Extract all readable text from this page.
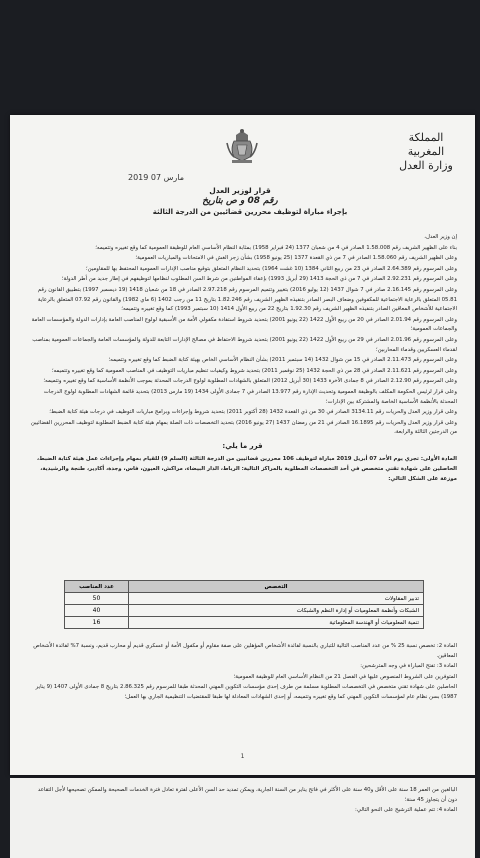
المملكة المغربية
وزارة العدل
2019 مارس 07
قرار لوزير العدل
رقم 08 و ص بتاريخ
بإجراء مباراة لتوظيف محررين قضائيين من الدرجة الثالثة

إن وزير العدل،

بناء على الظهير الشريف رقم 1.58.008 الصادر في 4 من شعبان 1377 (24 فبراير 1958) بمثابة النظام الأساسي العام للوظيفة العمومية كما وقع تغييره وتتميمه؛

وعلى الظهير الشريف رقم 1.58.060 الصادر في 7 من ذي القعدة 1377 (25 يونيو 1958) بشأن زجر الغش في الامتحانات والمباريات العمومية؛

وعلى المرسوم رقم 2.64.389 الصادر في 23 من ربيع الثاني 1384 (10 غشت 1964) بتحديد النظام المتعلق بتوقيع مناصب الإدارات العمومية المحتفظ بها للمقاومين؛

وعلى المرسوم رقم 2.92.231 الصادر في 7 من ذي الحجة 1413 (29 أبريل 1993) بإعفاء المواطنين من شرط السن المطلوب لنظامها لتوظيفهم في إطار جديد من أطر الدولة؛

وعلى المرسوم رقم 2.16.145 صادر في 7 شوال 1437 (12 يوليو 2016) بتغيير وتتميم المرسوم رقم 2.97.218 الصادر في 18 من شعبان 1418 (19 ديسمبر 1997) بتطبيق القانون رقم 05.81 المتعلق بالرعاية الاجتماعية للمكفوفين وضعاف البصر الصادر بتنفيذه الظهير الشريف رقم 1.82.246 بتاريخ 11 من رجب 1402 (6 ماي 1982) والقانون رقم 07.92 المتعلق بالرعاية الاجتماعية للأشخاص المعاقين الصادر بتنفيذه الظهير الشريف رقم 1.92.30 بتاريخ 22 من ربيع الأول 1414 (10 سبتمبر 1993) كما وقع تغييره وتتميمه؛

وعلى المرسوم رقم 2.01.94 الصادر في 20 من ربيع الأول 1422 (22 يونيو 2001) بتحديد شروط استفادة مكفولي الأمة من الأسبقية لولوج المناصب العامة بإدارات الدولة والمؤسسات العامة والجماعات العمومية؛

وعلى المرسوم رقم 2.01.96 الصادر في 29 من ربيع الأول 1422 (22 يونيو 2001) بتحديد شروط الاحتفاظ في مصالح الإدارات التابعة للدولة والمؤسسات العامة والجماعات العمومية بمناصب لقدماء العسكريين وقدماء المحاربين؛

وعلى المرسوم رقم 2.11.473 الصادر في 15 من شوال 1432 (14 سبتمبر 2011) بشأن النظام الأساسي الخاص بهيئة كتابة الضبط كما وقع تغييره وتتميمه؛

وعلى المرسوم رقم 2.11.621 الصادر في 28 من ذي الحجة 1432 (25 نوفمبر 2011) بتحديد شروط وكيفيات تنظيم مباريات التوظيف في المناصب العمومية كما وقع تغييره وتتميمه؛

وعلى المرسوم رقم 2.12.90 الصادر في 8 جمادى الآخرة 1433 (30 أبريل 2012) المتعلق بالشهادات المطلوبة لولوج الدرجات المحدثة بموجب الأنظمة الأساسية كما وقع تغييره وتتميمه؛

وعلى قرار لرئيس الحكومة المكلف بالوظيفة العمومية وتحديث الإدارة رقم 13.977 الصادر في 7 جمادى الأولى 1434 (19 مارس 2013) بتحديد قائمة الشهادات المطلوبة لولوج الدرجات المحدثة بالأنظمة الأساسية الخاصة والمشتركة بين الإدارات؛

وعلى قرار وزير العدل والحريات رقم 3134.11 الصادر في 30 من ذي القعدة 1432 (28 أكتوبر 2011) بتحديد شروط وإجراءات وبرامج مباريات التوظيف في درجات هيئة كتابة الضبط؛

وعلى قرار وزير العدل والحريات رقم 16.1895 الصادر في 21 من رمضان 1437 (27 يونيو 2016) بتحديد التخصصات ذات الصلة بمهام هيئة كتابة الضبط المطلوبة لتوظيف المحررين القضائيين من الدرجتين الثالثة والرابعة،

قرر ما يلي:

المادة الأولى: تجري يوم الأحد 07 أبريل 2019 مباراة لتوظيف 106 محررين قضائيين من الدرجة الثالثة (السلم 9) للقيام بمهام وإجراءات عمل هيئة كتابة الضبط، الحاصلين على شهادة تقني متخصص في أحد التخصصات المطلوبة بالمراكز التالية: الرباط، الدار البيضاء، مراكش، العيون، فاس، وجدة، أكادير، طنجة والرشيدية، موزعة على الشكل التالي:

التخصص	عدد المناصب
تدبير المقاولات	50
الشبكات وأنظمة المعلوميات أو إدارة النظم والشبكات	40
تنمية المعلوميات أو الهندسة المعلوماتية	16

المادة 2: تخصص نسبة 25 % من عدد المناصب التالية للتباري بالنسبة لفائدة الأشخاص المؤهلين على صفة مقاوم أو مكفول الأمة أو عسكري قديم أو محارب قديم، ونسبة 7% لفائدة الأشخاص المعاقين.

المادة 3: تفتح المباراة في وجه المترشحين:

المتوفرين على الشروط المنصوص عليها في الفصل 21 من النظام الأساسي العام للوظيفة العمومية؛

الحاصلين على شهادة تقني متخصص في التخصصات المطلوبة مسلمة من طرف إحدى مؤسسات التكوين المهني المحدثة طبقا للمرسوم رقم 2.86.325 بتاريخ 8 جمادى الأولى 1407 (9 يناير 1987) بسن نظام عام لمؤسسات التكوين المهني كما وقع تغييره وتتميمه، أو إحدى الشهادات المعادلة لها طبقا للمقتضيات التنظيمية الجاري بها العمل؛

1

البالغين من العمر 18 سنة على الأقل و40 سنة على الأكثر في فاتح يناير من السنة الجارية، ويمكن تمديد حد السن الأعلى لفترة تعادل فترة الخدمات الصحيحة والممكن تصحيحها لأجل التقاعد دون أن يتجاوز 45 سنة؛

المادة 4: تتم عملية الترشيح على النحو التالي:
